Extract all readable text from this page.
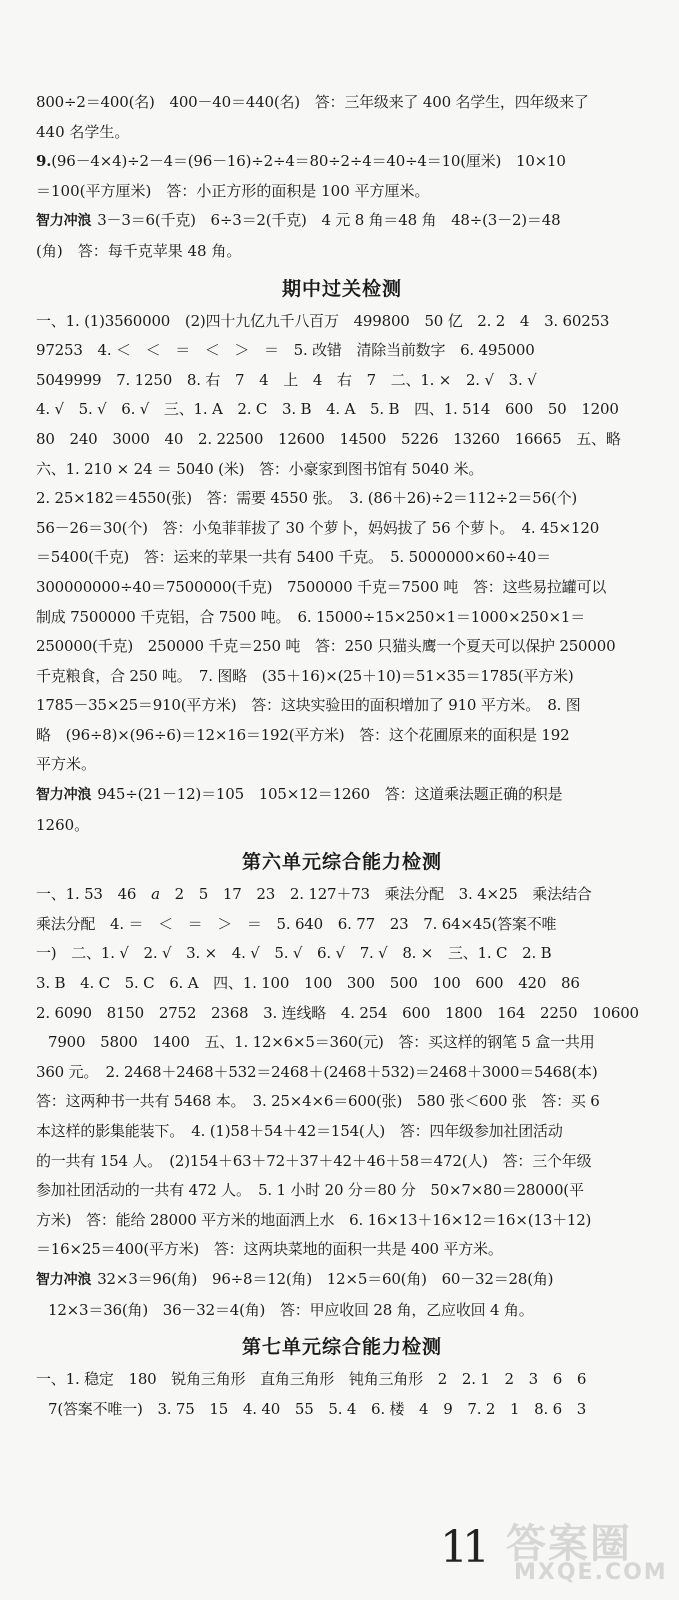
800÷2＝400(名)　400－40＝440(名)　答：三年级来了 400 名学生，四年级来了
440 名学生。
9.(96－4×4)÷2－4＝(96－16)÷2÷4＝80÷2÷4＝40÷4＝10(厘米)　10×10
＝100(平方厘米)　答：小正方形的面积是 100 平方厘米。
智力冲浪 3－3＝6(千克)　6÷3＝2(千克)　4 元 8 角＝48 角　48÷(3－2)＝48
(角)　答：每千克苹果 48 角。
期中过关检测
一、1. (1)3560000　(2)四十九亿九千八百万　499800　50 亿　2. 2　4　3. 60253
97253　4. ＜　＜　＝　＜　＞　＝　5. 改错　清除当前数字　6. 495000
5049999　7. 1250　8. 右　7　4　上　4　右　7　二、1. ×　2. √　3. √
4. √　5. √　6. √　三、1. A　2. C　3. B　4. A　5. B　四、1. 514　600　50　1200
80　240　3000　40　2. 22500　12600　14500　5226　13260　16665　五、略
六、1. 210 × 24 ＝ 5040 (米)　答：小豪家到图书馆有 5040 米。
2. 25×182＝4550(张)　答：需要 4550 张。　3. (86＋26)÷2＝112÷2＝56(个)
56－26＝30(个)　答：小兔菲菲拔了 30 个萝卜，妈妈拔了 56 个萝卜。　4. 45×120
＝5400(千克)　答：运来的苹果一共有 5400 千克。　5. 5000000×60÷40＝
300000000÷40＝7500000(千克)　7500000 千克＝7500 吨　答：这些易拉罐可以
制成 7500000 千克铝，合 7500 吨。　6. 15000÷15×250×1＝1000×250×1＝
250000(千克)　250000 千克＝250 吨　答：250 只猫头鹰一个夏天可以保护 250000
千克粮食，合 250 吨。　7. 图略　(35＋16)×(25＋10)＝51×35＝1785(平方米)
1785－35×25＝910(平方米)　答：这块实验田的面积增加了 910 平方米。　8. 图
略　(96÷8)×(96÷6)＝12×16＝192(平方米)　答：这个花圃原来的面积是 192
平方米。
智力冲浪 945÷(21－12)＝105　105×12＝1260　答：这道乘法题正确的积是
1260。
第六单元综合能力检测
一、1. 53　46　a　2　5　17　23　2. 127＋73　乘法分配　3. 4×25　乘法结合
乘法分配　4. ＝　＜　＝　＞　＝　5. 640　6. 77　23　7. 64×45(答案不唯
一)　二、1. √　2. √　3. ×　4. √　5. √　6. √　7. √　8. ×　三、1. C　2. B
3. B　4. C　5. C　6. A　四、1. 100　100　300　500　100　600　420　86
2. 6090　8150　2752　2368　3. 连线略　4. 254　600　1800　164　2250　10600
7900　5800　1400　五、1. 12×6×5＝360(元)　答：买这样的钢笔 5 盒一共用
360 元。　2. 2468＋2468＋532＝2468＋(2468＋532)＝2468＋3000＝5468(本)
答：这两种书一共有 5468 本。　3. 25×4×6＝600(张)　580 张＜600 张　答：买 6
本这样的影集能装下。　4. (1)58＋54＋42＝154(人)　答：四年级参加社团活动
的一共有 154 人。　(2)154＋63＋72＋37＋42＋46＋58＝472(人)　答：三个年级
参加社团活动的一共有 472 人。　5. 1 小时 20 分＝80 分　50×7×80＝28000(平
方米)　答：能给 28000 平方米的地面洒上水　6. 16×13＋16×12＝16×(13＋12)
＝16×25＝400(平方米)　答：这两块菜地的面积一共是 400 平方米。
智力冲浪 32×3＝96(角)　96÷8＝12(角)　12×5＝60(角)　60－32＝28(角)
12×3＝36(角)　36－32＝4(角)　答：甲应收回 28 角，乙应收回 4 角。
第七单元综合能力检测
一、1. 稳定　180　锐角三角形　直角三角形　钝角三角形　2　2. 1　2　3　6　6
7(答案不唯一)　3. 75　15　4. 40　55　5. 4　6. 楼　4　9　7. 2　1　8. 6　3
11 答案圈
MXQE.COM
